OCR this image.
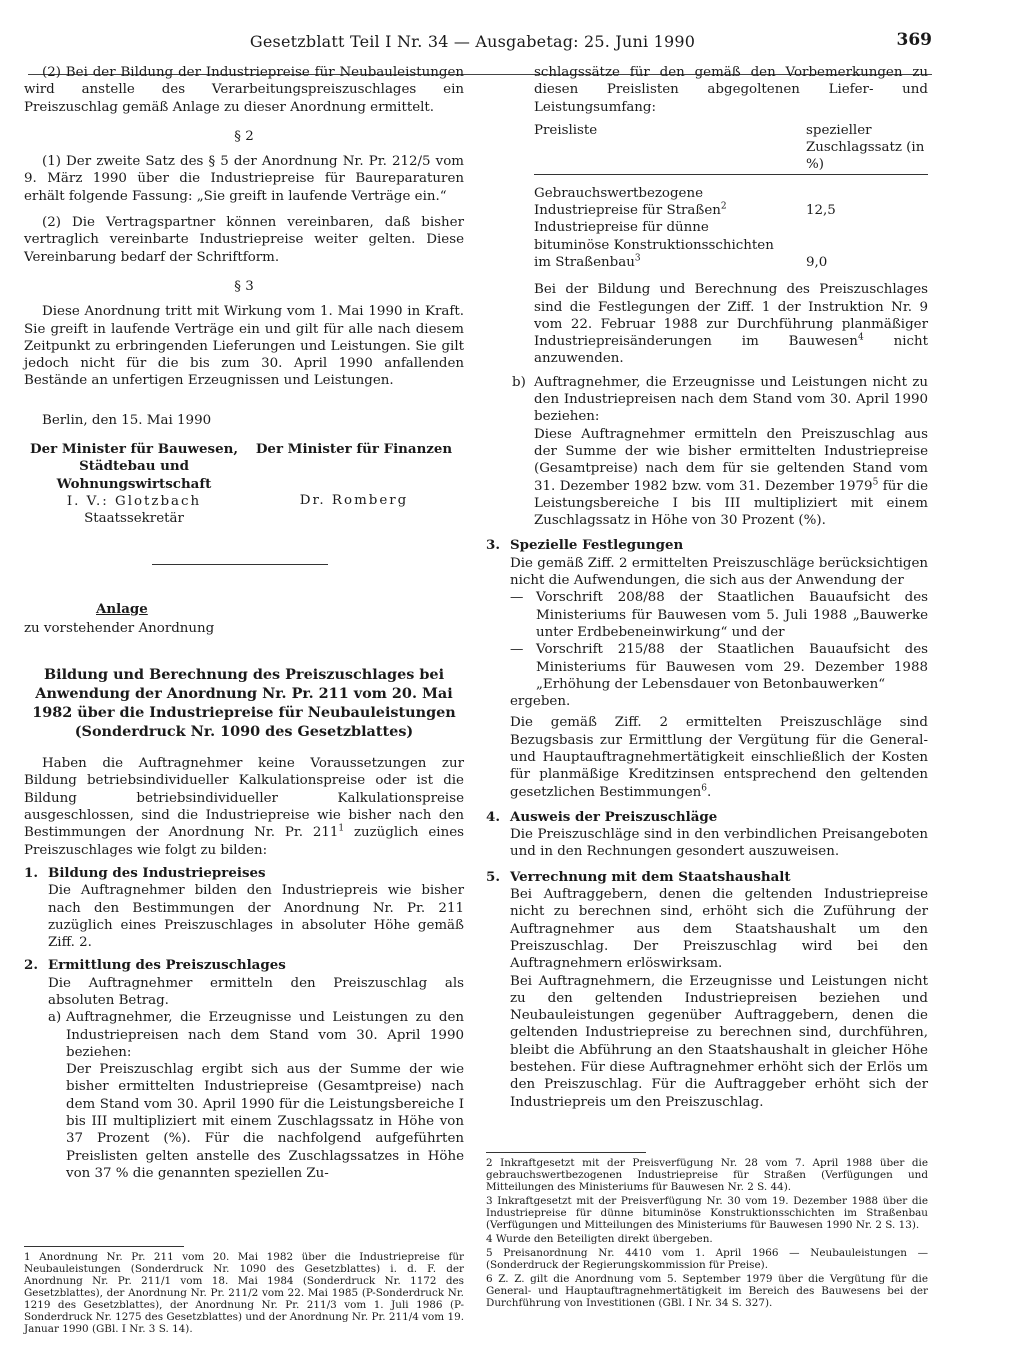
Gesetzblatt Teil I Nr. 34 — Ausgabetag: 25. Juni 1990	369

(2) Bei der Bildung der Industriepreise für Neubauleistungen wird anstelle des Verarbeitungspreiszuschlages ein Preiszuschlag gemäß Anlage zu dieser Anordnung ermittelt.

§ 2

(1) Der zweite Satz des § 5 der Anordnung Nr. Pr. 212/5 vom 9. März 1990 über die Industriepreise für Baureparaturen erhält folgende Fassung: „Sie greift in laufende Verträge ein.“

(2) Die Vertragspartner können vereinbaren, daß bisher vertraglich vereinbarte Industriepreise weiter gelten. Diese Vereinbarung bedarf der Schriftform.

§ 3

Diese Anordnung tritt mit Wirkung vom 1. Mai 1990 in Kraft. Sie greift in laufende Verträge ein und gilt für alle nach diesem Zeitpunkt zu erbringenden Lieferungen und Leistungen. Sie gilt jedoch nicht für die bis zum 30. April 1990 anfallenden Bestände an unfertigen Erzeugnissen und Leistungen.

Berlin, den 15. Mai 1990

Der Minister für Bauwesen, Städtebau und Wohnungswirtschaft
I. V.: Glotzbach
Staatssekretär
Der Minister für Finanzen
Dr. Romberg
Anlage
zu vorstehender Anordnung
Bildung und Berechnung des Preiszuschlages bei Anwendung der Anordnung Nr. Pr. 211 vom 20. Mai 1982 über die Industriepreise für Neubauleistungen (Sonderdruck Nr. 1090 des Gesetzblattes)

Haben die Auftragnehmer keine Voraussetzungen zur Bildung betriebsindividueller Kalkulationspreise oder ist die Bildung betriebsindividueller Kalkulationspreise ausgeschlossen, sind die Industriepreise wie bisher nach den Bestimmungen der Anordnung Nr. Pr. $211^1$ zuzüglich eines Preiszuschlages wie folgt zu bilden:

1. Bildung des Industriepreises

Die Auftragnehmer bilden den Industriepreis wie bisher nach den Bestimmungen der Anordnung Nr. Pr. 211 zuzüglich eines Preiszuschlages in absoluter Höhe gemäß Ziff. 2.

2. Ermittlung des Preiszuschlages

Die Auftragnehmer ermitteln den Preiszuschlag als absoluten Betrag.

a) Auftragnehmer, die Erzeugnisse und Leistungen zu den Industriepreisen nach dem Stand vom 30. April 1990 beziehen:

Der Preiszuschlag ergibt sich aus der Summe der wie bisher ermittelten Industriepreise (Gesamtpreise) nach dem Stand vom 30. April 1990 für die Leistungsbereiche I bis III multipliziert mit einem Zuschlagssatz in Höhe von 37 Prozent (%). Für die nachfolgend aufgeführten Preislisten gelten anstelle des Zuschlagssatzes in Höhe von 37 % die genannten speziellen Zu-

1 Anordnung Nr. Pr. 211 vom 20. Mai 1982 über die Industriepreise für Neubauleistungen (Sonderdruck Nr. 1090 des Gesetzblattes) i. d. F. der Anordnung Nr. Pr. 211/1 vom 18. Mai 1984 (Sonderdruck Nr. 1172 des Gesetzblattes), der Anordnung Nr. Pr. 211/2 vom 22. Mai 1985 (P-Sonderdruck Nr. 1219 des Gesetzblattes), der Anordnung Nr. Pr. 211/3 vom 1. Juli 1986 (P-Sonderdruck Nr. 1275 des Gesetzblattes) und der Anordnung Nr. Pr. 211/4 vom 19. Januar 1990 (GBl. I Nr. 3 S. 14).

schlagssätze für den gemäß den Vorbemerkungen zu diesen Preislisten abgegoltenen Liefer- und Leistungsumfang:

Preisliste	spezieller Zuschlagssatz (in %)

Gebrauchswertbezogene Industriepreise für Straßen$^2$	12,5
Industriepreise für dünne bituminöse Konstruktionsschichten im Straßenbau$^3$	9,0

Bei der Bildung und Berechnung des Preiszuschlages sind die Festlegungen der Ziff. 1 der Instruktion Nr. 9 vom 22. Februar 1988 zur Durchführung planmäßiger Industriepreisänderungen im Bauwesen$^4$ nicht anzuwenden.

b) Auftragnehmer, die Erzeugnisse und Leistungen nicht zu den Industriepreisen nach dem Stand vom 30. April 1990 beziehen:

Diese Auftragnehmer ermitteln den Preiszuschlag aus der Summe der wie bisher ermittelten Industriepreise (Gesamtpreise) nach dem für sie geltenden Stand vom 31. Dezember 1982 bzw. vom 31. Dezember 1979$^5$ für die Leistungsbereiche I bis III multipliziert mit einem Zuschlagssatz in Höhe von 30 Prozent (%).

3. Spezielle Festlegungen

Die gemäß Ziff. 2 ermittelten Preiszuschläge berücksichtigen nicht die Aufwendungen, die sich aus der Anwendung der

— Vorschrift 208/88 der Staatlichen Bauaufsicht des Ministeriums für Bauwesen vom 5. Juli 1988 „Bauwerke unter Erdbebeneinwirkung“ und der

— Vorschrift 215/88 der Staatlichen Bauaufsicht des Ministeriums für Bauwesen vom 29. Dezember 1988 „Erhöhung der Lebensdauer von Betonbauwerken“

ergeben.

Die gemäß Ziff. 2 ermittelten Preiszuschläge sind Bezugsbasis zur Ermittlung der Vergütung für die General- und Hauptauftragnehmertätigkeit einschließlich der Kosten für planmäßige Kreditzinsen entsprechend den geltenden gesetzlichen Bestimmungen$^6$.

4. Ausweis der Preiszuschläge

Die Preiszuschläge sind in den verbindlichen Preisangeboten und in den Rechnungen gesondert auszuweisen.

5. Verrechnung mit dem Staatshaushalt

Bei Auftraggebern, denen die geltenden Industriepreise nicht zu berechnen sind, erhöht sich die Zuführung der Auftragnehmer aus dem Staatshaushalt um den Preiszuschlag. Der Preiszuschlag wird bei den Auftragnehmern erlöswirksam.

Bei Auftragnehmern, die Erzeugnisse und Leistungen nicht zu den geltenden Industriepreisen beziehen und Neubauleistungen gegenüber Auftraggebern, denen die geltenden Industriepreise zu berechnen sind, durchführen, bleibt die Abführung an den Staatshaushalt in gleicher Höhe bestehen. Für diese Auftragnehmer erhöht sich der Erlös um den Preiszuschlag. Für die Auftraggeber erhöht sich der Industriepreis um den Preiszuschlag.

2 Inkraftgesetzt mit der Preisverfügung Nr. 28 vom 7. April 1988 über die gebrauchswertbezogenen Industriepreise für Straßen (Verfügungen und Mitteilungen des Ministeriums für Bauwesen Nr. 2 S. 44).

3 Inkraftgesetzt mit der Preisverfügung Nr. 30 vom 19. Dezember 1988 über die Industriepreise für dünne bituminöse Konstruktionsschichten im Straßenbau (Verfügungen und Mitteilungen des Ministeriums für Bauwesen 1990 Nr. 2 S. 13).

4 Wurde den Beteiligten direkt übergeben.

5 Preisanordnung Nr. 4410 vom 1. April 1966 — Neubauleistungen — (Sonderdruck der Regierungskommission für Preise).

6 Z. Z. gilt die Anordnung vom 5. September 1979 über die Vergütung für die General- und Hauptauftragnehmertätigkeit im Bereich des Bauwesens bei der Durchführung von Investitionen (GBl. I Nr. 34 S. 327).
